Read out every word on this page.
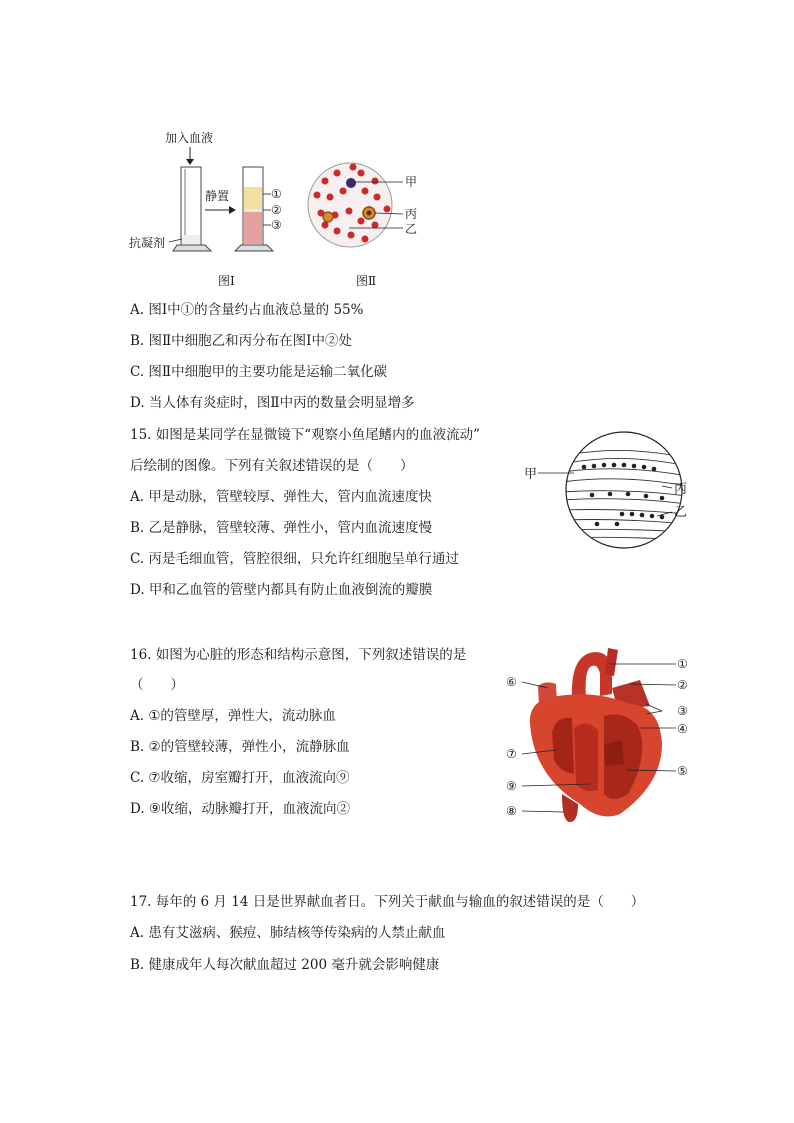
加入血液
抗凝剂
静置	①
②
③
甲
丙
乙
图Ⅰ	图Ⅱ
A. 图Ⅰ中①的含量约占血液总量的 55%
B. 图Ⅱ中细胞乙和丙分布在图Ⅰ中②处
C. 图Ⅱ中细胞甲的主要功能是运输二氧化碳
D. 当人体有炎症时，图Ⅱ中丙的数量会明显增多
15. 如图是某同学在显微镜下“观察小鱼尾鳍内的血液流动”
后绘制的图像。下列有关叙述错误的是（　　）
A. 甲是动脉，管壁较厚、弹性大，管内血流速度快
B. 乙是静脉，管壁较薄、弹性小，管内血流速度慢
C. 丙是毛细血管，管腔很细，只允许红细胞呈单行通过
D. 甲和乙血管的管壁内都具有防止血液倒流的瓣膜
甲
丙
乙
16. 如图为心脏的形态和结构示意图，下列叙述错误的是
（　　）
A. ①的管壁厚，弹性大，流动脉血
B. ②的管壁较薄，弹性小，流静脉血
C. ⑦收缩，房室瓣打开，血液流向⑨
D. ⑨收缩，动脉瓣打开，血液流向②
①
②
③
④
⑤
⑥
⑦
⑨
⑧
17. 每年的 6 月 14 日是世界献血者日。下列关于献血与输血的叙述错误的是（　　）
A. 患有艾滋病、猴痘、肺结核等传染病的人禁止献血
B. 健康成年人每次献血超过 200 毫升就会影响健康
